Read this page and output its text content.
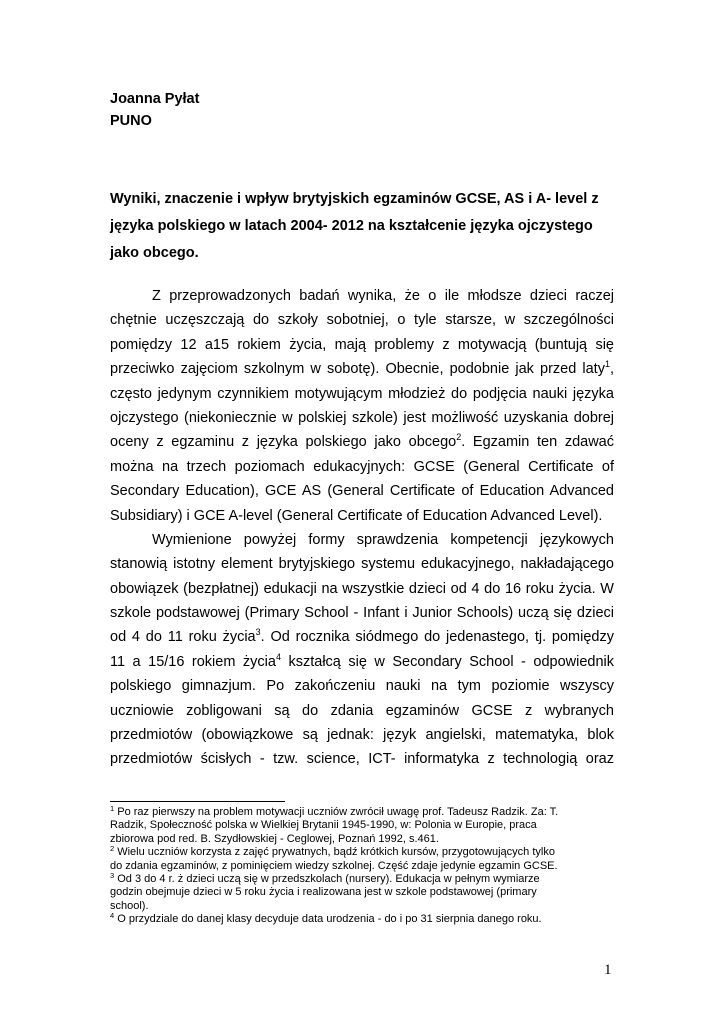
Joanna Pyłat
PUNO
Wyniki, znaczenie i wpływ brytyjskich egzaminów GCSE, AS i A- level z
języka polskiego w latach 2004- 2012 na kształcenie języka ojczystego
jako obcego.
Z przeprowadzonych badań wynika, że o ile młodsze dzieci raczej
chętnie uczęszczają do szkoły sobotniej, o tyle starsze, w szczególności
pomiędzy 12 a15 rokiem życia, mają problemy z motywacją (buntują się
przeciwko zajęciom szkolnym w sobotę). Obecnie, podobnie jak przed laty$^1$,
często jedynym czynnikiem motywującym młodzież do podjęcia nauki języka
ojczystego (niekoniecznie w polskiej szkole) jest możliwość uzyskania dobrej
oceny z egzaminu z języka polskiego jako obcego$^2$. Egzamin ten zdawać
można na trzech poziomach edukacyjnych: GCSE (General Certificate of
Secondary Education), GCE AS (General Certificate of Education Advanced
Subsidiary) i GCE A-level (General Certificate of Education Advanced Level).
Wymienione powyżej formy sprawdzenia kompetencji językowych
stanowią istotny element brytyjskiego systemu edukacyjnego, nakładającego
obowiązek (bezpłatnej) edukacji na wszystkie dzieci od 4 do 16 roku życia. W
szkole podstawowej (Primary School - Infant i Junior Schools) uczą się dzieci
od 4 do 11 roku życia$^3$. Od rocznika siódmego do jedenastego, tj. pomiędzy
11 a 15/16 rokiem życia$^4$ kształcą się w Secondary School - odpowiednik
polskiego gimnazjum. Po zakończeniu nauki na tym poziomie wszyscy
uczniowie zobligowani są do zdania egzaminów GCSE z wybranych
przedmiotów (obowiązkowe są jednak: język angielski, matematyka, blok
przedmiotów ścisłych - tzw. science, ICT- informatyka z technologią oraz
$^1$ Po raz pierwszy na problem motywacji uczniów zwrócił uwagę prof. Tadeusz Radzik. Za: T.
Radzik, Społeczność polska w Wielkiej Brytanii 1945-1990, w: Polonia w Europie, praca
zbiorowa pod red. B. Szydłowskiej - Ceglowej, Poznań 1992, s.461.
$^2$ Wielu uczniów korzysta z zajęć prywatnych, bądź krótkich kursów, przygotowujących tylko
do zdania egzaminów, z pominięciem wiedzy szkolnej. Część zdaje jedynie egzamin GCSE.
$^3$ Od 3 do 4 r. ż dzieci uczą się w przedszkolach (nursery). Edukacja w pełnym wymiarze
godzin obejmuje dzieci w 5 roku życia i realizowana jest w szkole podstawowej (primary
school).
$^4$ O przydziale do danej klasy decyduje data urodzenia - do i po 31 sierpnia danego roku.
1
